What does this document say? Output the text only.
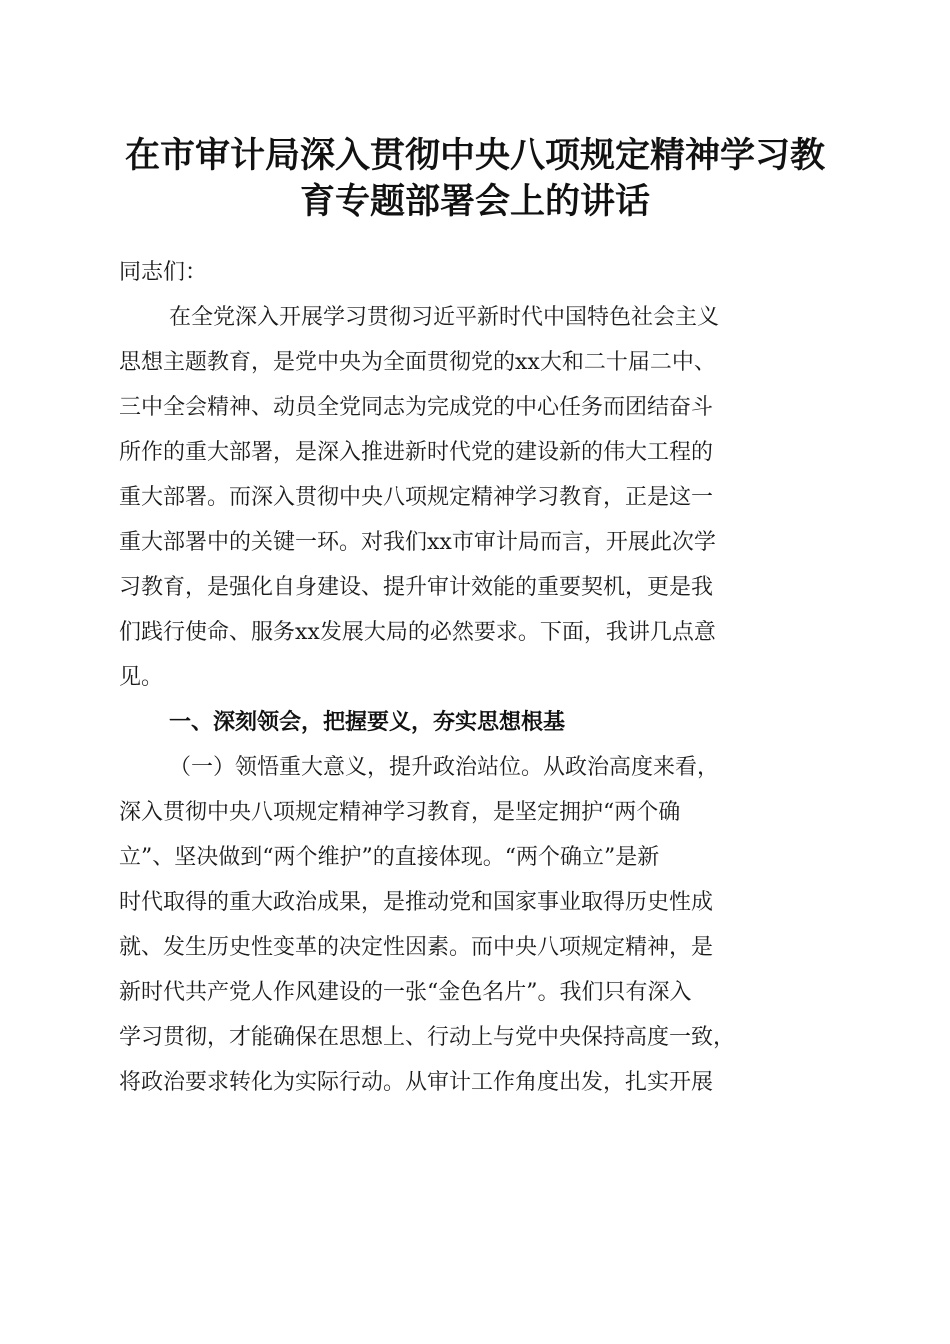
在市审计局深入贯彻中央八项规定精神学习教
育专题部署会上的讲话
同志们：
在全党深入开展学习贯彻习近平新时代中国特色社会主义
思想主题教育，是党中央为全面贯彻党的xx大和二十届二中、
三中全会精神、动员全党同志为完成党的中心任务而团结奋斗
所作的重大部署，是深入推进新时代党的建设新的伟大工程的
重大部署。而深入贯彻中央八项规定精神学习教育，正是这一
重大部署中的关键一环。对我们xx市审计局而言，开展此次学
习教育，是强化自身建设、提升审计效能的重要契机，更是我
们践行使命、服务xx发展大局的必然要求。下面，我讲几点意
见。
一、深刻领会，把握要义，夯实思想根基
（一）领悟重大意义，提升政治站位。从政治高度来看，
深入贯彻中央八项规定精神学习教育，是坚定拥护“两个确
立”、坚决做到“两个维护”的直接体现。“两个确立”是新
时代取得的重大政治成果，是推动党和国家事业取得历史性成
就、发生历史性变革的决定性因素。而中央八项规定精神，是
新时代共产党人作风建设的一张“金色名片”。我们只有深入
学习贯彻，才能确保在思想上、行动上与党中央保持高度一致，
将政治要求转化为实际行动。从审计工作角度出发，扎实开展
